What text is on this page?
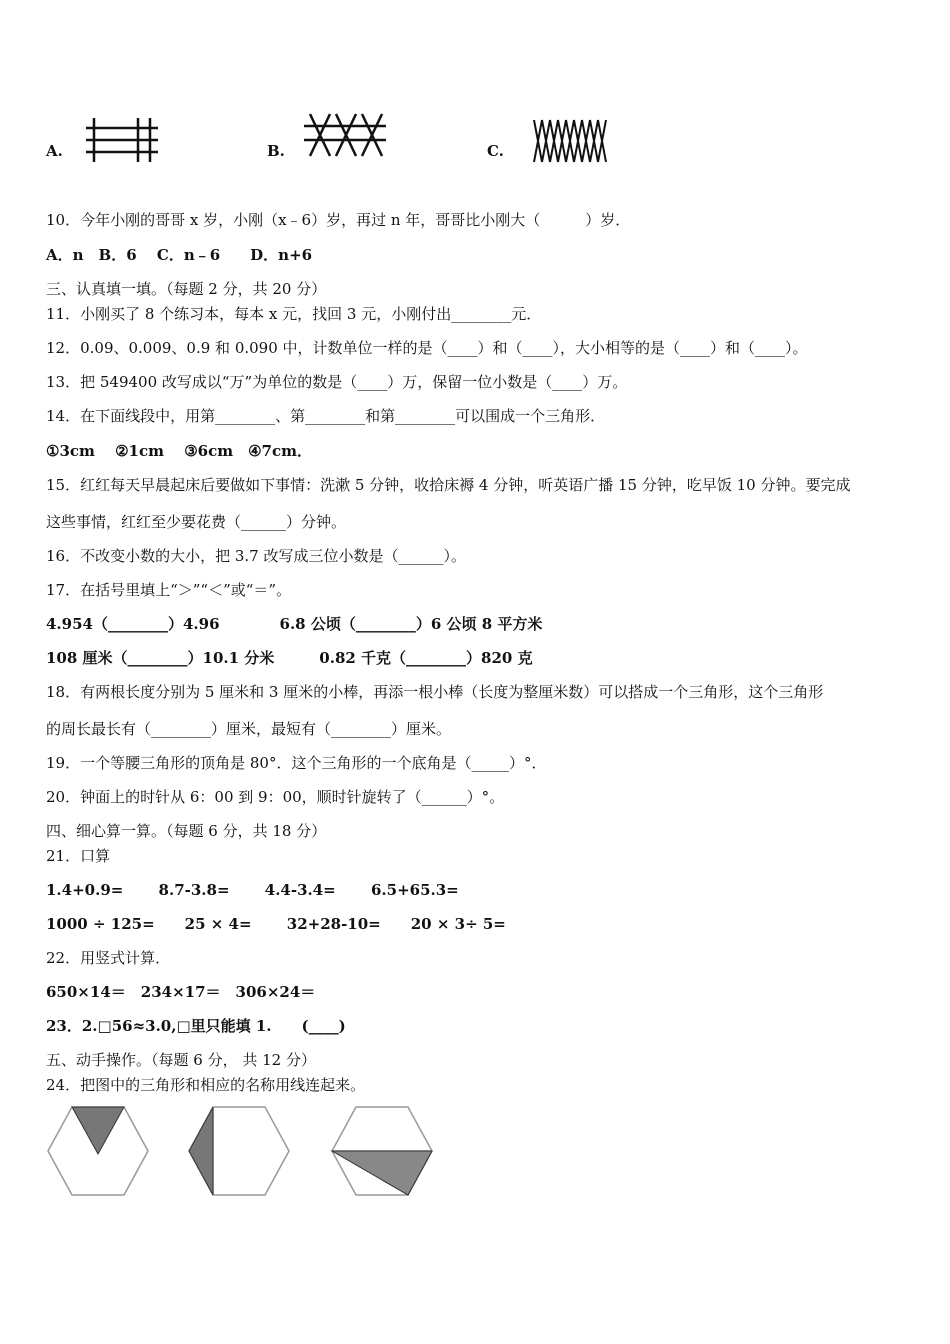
A.	B.	C.
10．今年小刚的哥哥 x 岁，小刚（x﹣6）岁，再过 n 年，哥哥比小刚大（　　　）岁．
A．n　B．6　 C．n﹣6　　D．n+6
三、认真填一填。（每题 2 分，共 20 分）
11．小刚买了 8 个练习本，每本 x 元，找回 3 元，小刚付出________元．
12．0.09、0.009、0.9 和 0.090 中，计数单位一样的是（____）和（____），大小相等的是（____）和（____）。
13．把 549400 改写成以“万”为单位的数是（____）万，保留一位小数是（____）万。
14．在下面线段中，用第________、第________和第________可以围成一个三角形．
①3cm　 ②1cm　 ③6cm　④7cm．
15．红红每天早晨起床后要做如下事情：洗漱 5 分钟，收拾床褥 4 分钟，听英语广播 15 分钟，吃早饭 10 分钟。要完成
这些事情，红红至少要花费（______）分钟。
16．不改变小数的大小，把 3.7 改写成三位小数是（______）。
17．在括号里填上“＞”“＜”或“＝”。
4.954（________）4.96　　　　6.8 公顷（________）6 公顷 8 平方米
108 厘米（________）10.1 分米　　　0.82 千克（________）820 克
18．有两根长度分别为 5 厘米和 3 厘米的小棒，再添一根小棒（长度为整厘米数）可以搭成一个三角形，这个三角形
的周长最长有（________）厘米，最短有（________）厘米。
19．一个等腰三角形的顶角是 80°．这个三角形的一个底角是（_____）°．
20．钟面上的时针从 6：00 到 9：00，顺时针旋转了（______）°。
四、细心算一算。（每题 6 分，共 18 分）
21．口算
1.4+0.9=　　 8.7-3.8=　　 4.4-3.4=　　 6.5+65.3=
1000 ÷ 125=　　25 × 4=　　 32+28-10=　　20 × 3÷ 5=
22．用竖式计算．
650×14＝　234×17＝　306×24＝
23．2.□56≈3.0,□里只能填 1.　　(____)
五、动手操作。（每题 6 分， 共 12 分）
24．把图中的三角形和相应的名称用线连起来。
